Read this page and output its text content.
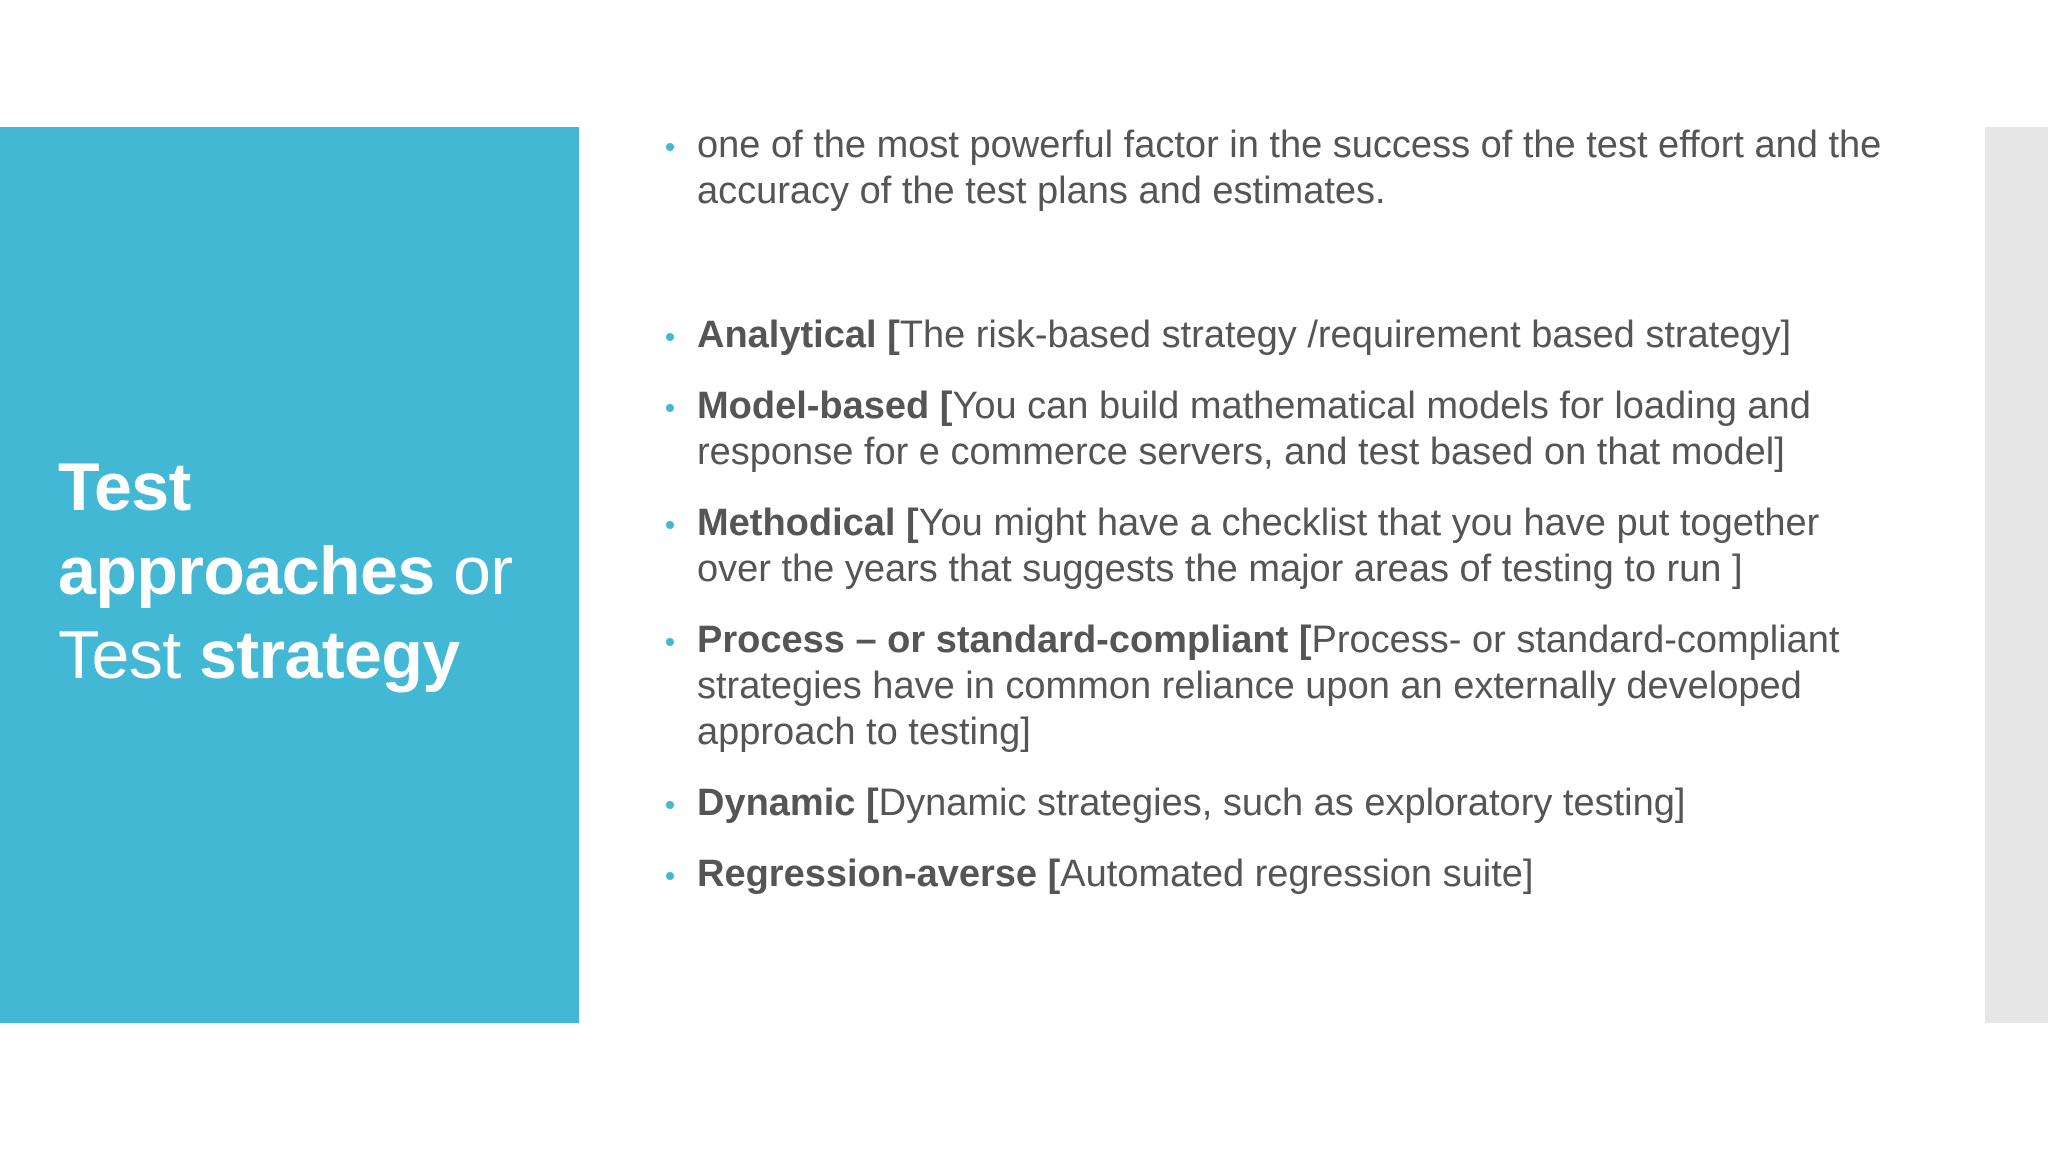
Test
approaches or
Test strategy
one of the most powerful factor in the success of the test effort and the accuracy of the test plans and estimates.
Analytical [The risk-based strategy /requirement based strategy]
Model-based [You can build mathematical models for loading and response for e commerce servers, and test based on that model]
Methodical [You might have a checklist that you have put together over the years that suggests the major areas of testing to run ]
Process – or standard-compliant [Process- or standard-compliant strategies have in common reliance upon an externally developed approach to testing]
Dynamic [Dynamic strategies, such as exploratory testing]
Regression-averse [Automated regression suite]
